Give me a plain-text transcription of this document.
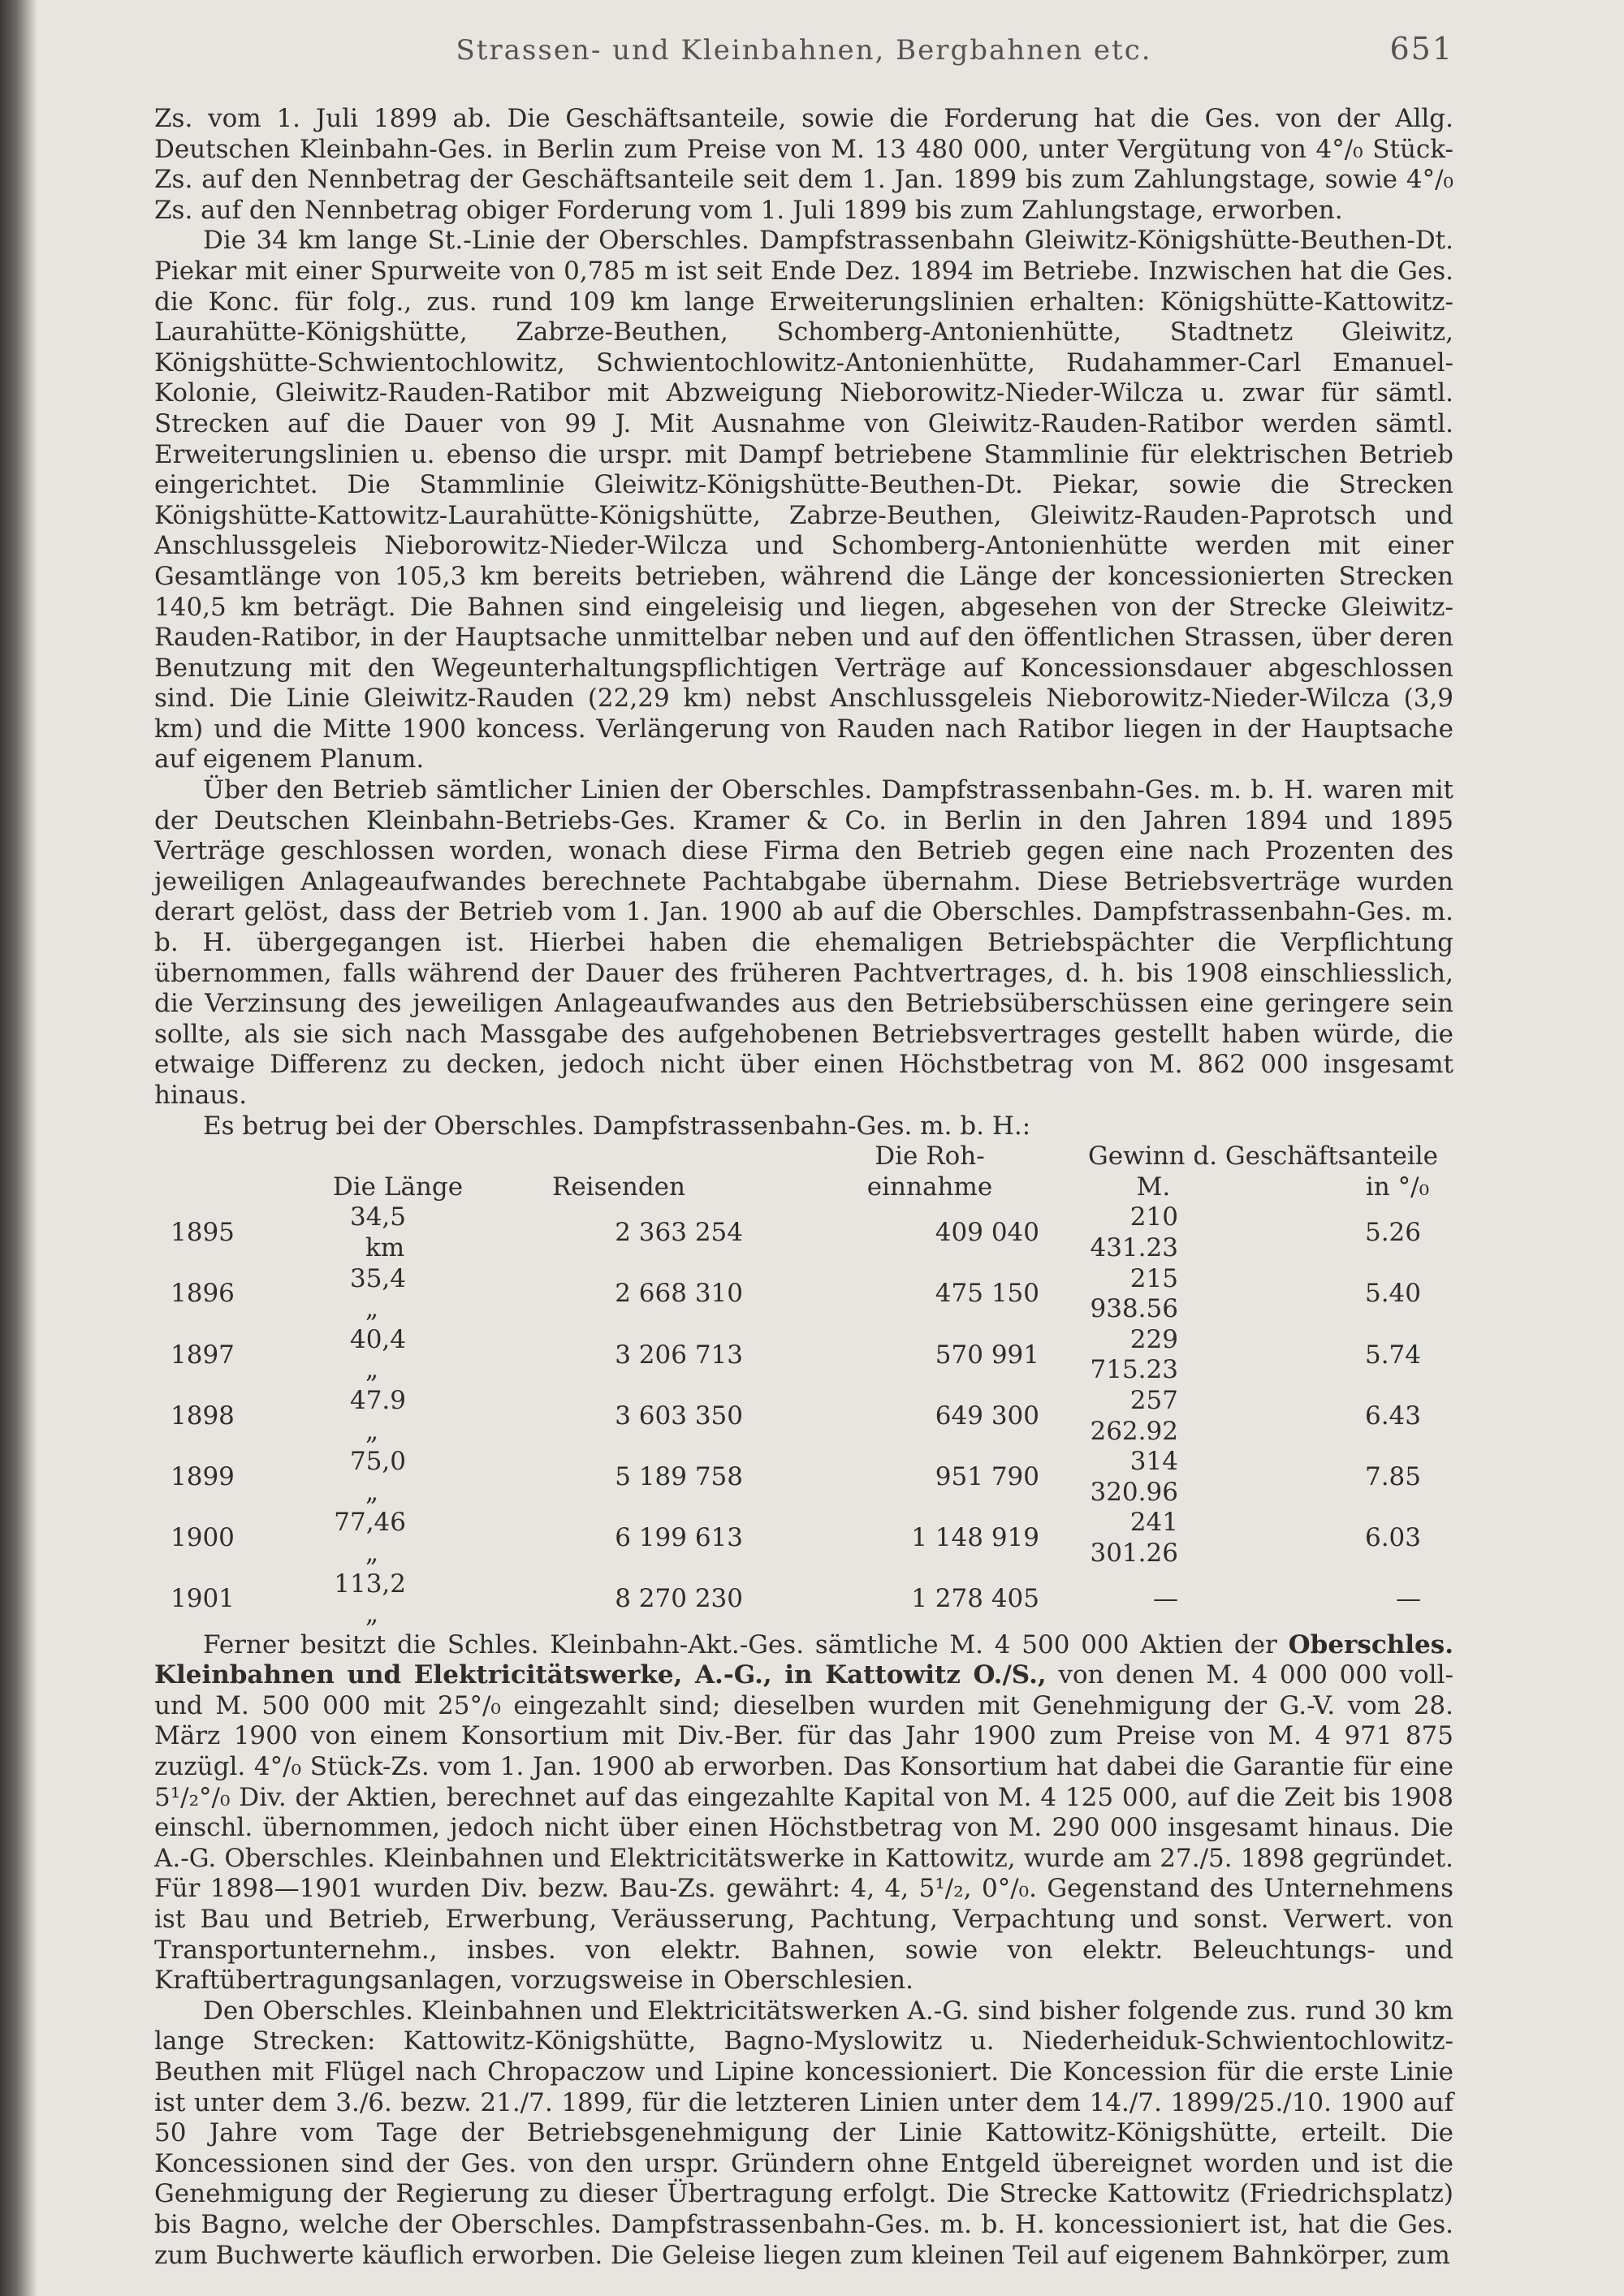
Strassen- und Kleinbahnen, Bergbahnen etc.	651

Zs. vom 1. Juli 1899 ab. Die Geschäftsanteile, sowie die Forderung hat die Ges. von der Allg. Deutschen Kleinbahn-Ges. in Berlin zum Preise von M. 13 480 000, unter Vergütung von 4°/₀ Stück-Zs. auf den Nennbetrag der Geschäftsanteile seit dem 1. Jan. 1899 bis zum Zahlungstage, sowie 4°/₀ Zs. auf den Nennbetrag obiger Forderung vom 1. Juli 1899 bis zum Zahlungstage, erworben.

Die 34 km lange St.-Linie der Oberschles. Dampfstrassenbahn Gleiwitz-Königshütte-Beuthen-Dt. Piekar mit einer Spurweite von 0,785 m ist seit Ende Dez. 1894 im Betriebe. Inzwischen hat die Ges. die Konc. für folg., zus. rund 109 km lange Erweiterungslinien erhalten: Königshütte-Kattowitz-Laurahütte-Königshütte, Zabrze-Beuthen, Schomberg-Antonienhütte, Stadtnetz Gleiwitz, Königshütte-Schwientochlowitz, Schwientochlowitz-Antonienhütte, Rudahammer-Carl Emanuel-Kolonie, Gleiwitz-Rauden-Ratibor mit Abzweigung Nieborowitz-Nieder-Wilcza u. zwar für sämtl. Strecken auf die Dauer von 99 J. Mit Ausnahme von Gleiwitz-Rauden-Ratibor werden sämtl. Erweiterungslinien u. ebenso die urspr. mit Dampf betriebene Stammlinie für elektrischen Betrieb eingerichtet. Die Stammlinie Gleiwitz-Königshütte-Beuthen-Dt. Piekar, sowie die Strecken Königshütte-Kattowitz-Laurahütte-Königshütte, Zabrze-Beuthen, Gleiwitz-Rauden-Paprotsch und Anschlussgeleis Nieborowitz-Nieder-Wilcza und Schomberg-Antonienhütte werden mit einer Gesamtlänge von 105,3 km bereits betrieben, während die Länge der koncessionierten Strecken 140,5 km beträgt. Die Bahnen sind eingeleisig und liegen, abgesehen von der Strecke Gleiwitz-Rauden-Ratibor, in der Hauptsache unmittelbar neben und auf den öffentlichen Strassen, über deren Benutzung mit den Wegeunterhaltungspflichtigen Verträge auf Koncessionsdauer abgeschlossen sind. Die Linie Gleiwitz-Rauden (22,29 km) nebst Anschlussgeleis Nieborowitz-Nieder-Wilcza (3,9 km) und die Mitte 1900 koncess. Verlängerung von Rauden nach Ratibor liegen in der Hauptsache auf eigenem Planum.

Über den Betrieb sämtlicher Linien der Oberschles. Dampfstrassenbahn-Ges. m. b. H. waren mit der Deutschen Kleinbahn-Betriebs-Ges. Kramer & Co. in Berlin in den Jahren 1894 und 1895 Verträge geschlossen worden, wonach diese Firma den Betrieb gegen eine nach Prozenten des jeweiligen Anlageaufwandes berechnete Pachtabgabe übernahm. Diese Betriebsverträge wurden derart gelöst, dass der Betrieb vom 1. Jan. 1900 ab auf die Oberschles. Dampfstrassenbahn-Ges. m. b. H. übergegangen ist. Hierbei haben die ehemaligen Betriebspächter die Verpflichtung übernommen, falls während der Dauer des früheren Pachtvertrages, d. h. bis 1908 einschliesslich, die Verzinsung des jeweiligen Anlageaufwandes aus den Betriebsüberschüssen eine geringere sein sollte, als sie sich nach Massgabe des aufgehobenen Betriebsvertrages gestellt haben würde, die etwaige Differenz zu decken, jedoch nicht über einen Höchstbetrag von M. 862 000 insgesamt hinaus.

Es betrug bei der Oberschles. Dampfstrassenbahn-Ges. m. b. H.:

			Die Roh-	Gewinn d. Geschäftsanteile	
	Die Länge	Reisenden	einnahme	M.	in °/₀
1895	34,5km	2 363 254	409 040	210 431.23	5.26
1896	35,4„	2 668 310	475 150	215 938.56	5.40
1897	40,4„	3 206 713	570 991	229 715.23	5.74
1898	47.9„	3 603 350	649 300	257 262.92	6.43
1899	75,0„	5 189 758	951 790	314 320.96	7.85
1900	77,46„	6 199 613	1 148 919	241 301.26	6.03
1901	113,2„	8 270 230	1 278 405	—	—

Ferner besitzt die Schles. Kleinbahn-Akt.-Ges. sämtliche M. 4 500 000 Aktien der Oberschles. Kleinbahnen und Elektricitätswerke, A.-G., in Kattowitz O./S., von denen M. 4 000 000 voll- und M. 500 000 mit 25°/₀ eingezahlt sind; dieselben wurden mit Genehmigung der G.-V. vom 28. März 1900 von einem Konsortium mit Div.-Ber. für das Jahr 1900 zum Preise von M. 4 971 875 zuzügl. 4°/₀ Stück-Zs. vom 1. Jan. 1900 ab erworben. Das Konsortium hat dabei die Garantie für eine 5¹/₂°/₀ Div. der Aktien, berechnet auf das eingezahlte Kapital von M. 4 125 000, auf die Zeit bis 1908 einschl. übernommen, jedoch nicht über einen Höchstbetrag von M. 290 000 insgesamt hinaus. Die A.-G. Oberschles. Kleinbahnen und Elektricitätswerke in Kattowitz, wurde am 27./5. 1898 gegründet. Für 1898—1901 wurden Div. bezw. Bau-Zs. gewährt: 4, 4, 5¹/₂, 0°/₀. Gegenstand des Unternehmens ist Bau und Betrieb, Erwerbung, Veräusserung, Pachtung, Verpachtung und sonst. Verwert. von Transportunternehm., insbes. von elektr. Bahnen, sowie von elektr. Beleuchtungs- und Kraftübertragungsanlagen, vorzugsweise in Oberschlesien.

Den Oberschles. Kleinbahnen und Elektricitätswerken A.-G. sind bisher folgende zus. rund 30 km lange Strecken: Kattowitz-Königshütte, Bagno-Myslowitz u. Niederheiduk-Schwientochlowitz-Beuthen mit Flügel nach Chropaczow und Lipine koncessioniert. Die Koncession für die erste Linie ist unter dem 3./6. bezw. 21./7. 1899, für die letzteren Linien unter dem 14./7. 1899/25./10. 1900 auf 50 Jahre vom Tage der Betriebsgenehmigung der Linie Kattowitz-Königshütte, erteilt. Die Koncessionen sind der Ges. von den urspr. Gründern ohne Entgeld übereignet worden und ist die Genehmigung der Regierung zu dieser Übertragung erfolgt. Die Strecke Kattowitz (Friedrichsplatz) bis Bagno, welche der Oberschles. Dampfstrassenbahn-Ges. m. b. H. koncessioniert ist, hat die Ges. zum Buchwerte käuflich erworben. Die Geleise liegen zum kleinen Teil auf eigenem Bahnkörper, zum
